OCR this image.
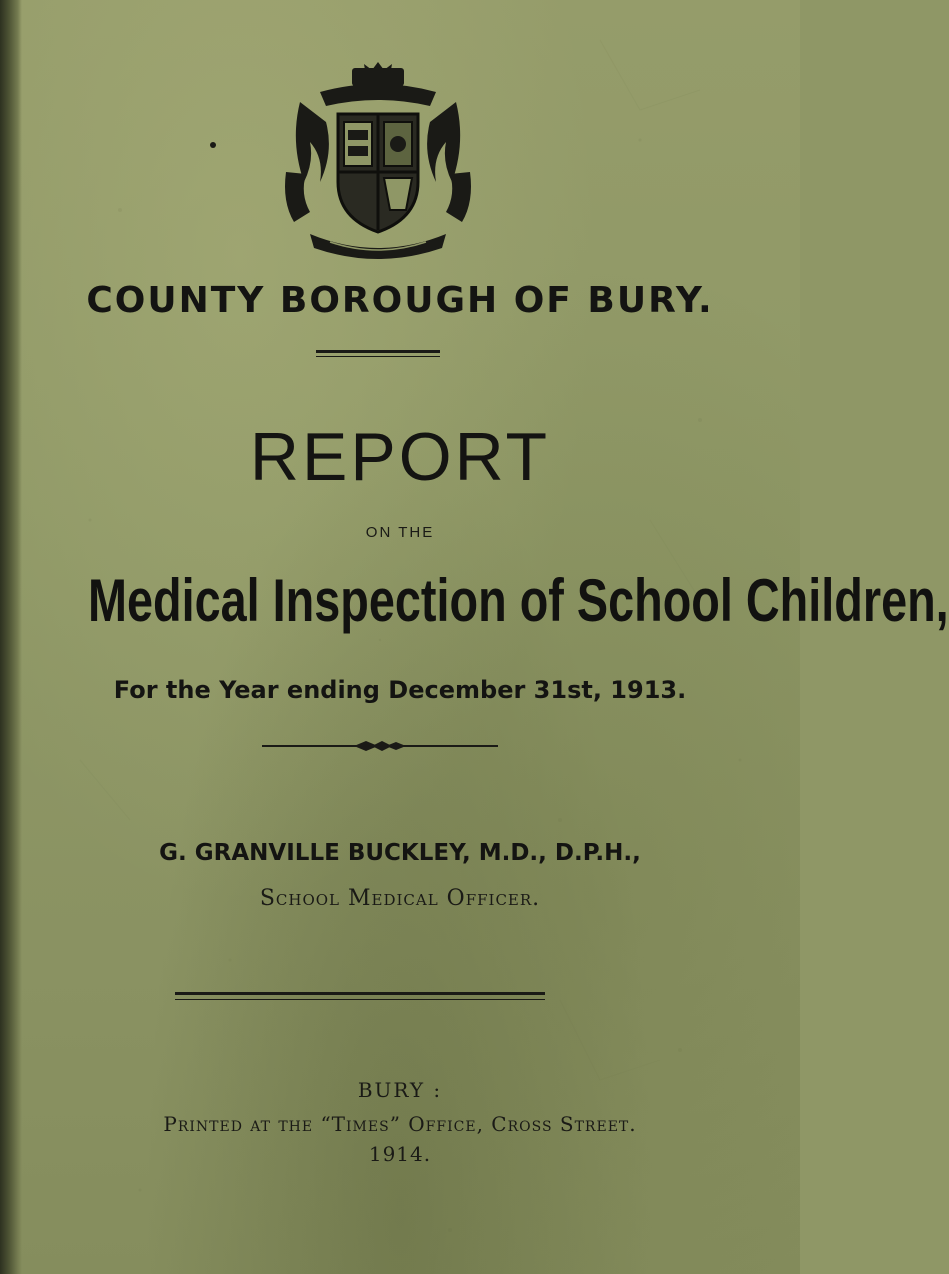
COUNTY BOROUGH OF BURY.
REPORT
ON THE
Medical Inspection of School Children,
For the Year ending December 31st, 1913.
G. GRANVILLE BUCKLEY, M.D., D.P.H.,
School Medical Officer.
BURY :
Printed at the “Times” Office, Cross Street.
1914.
